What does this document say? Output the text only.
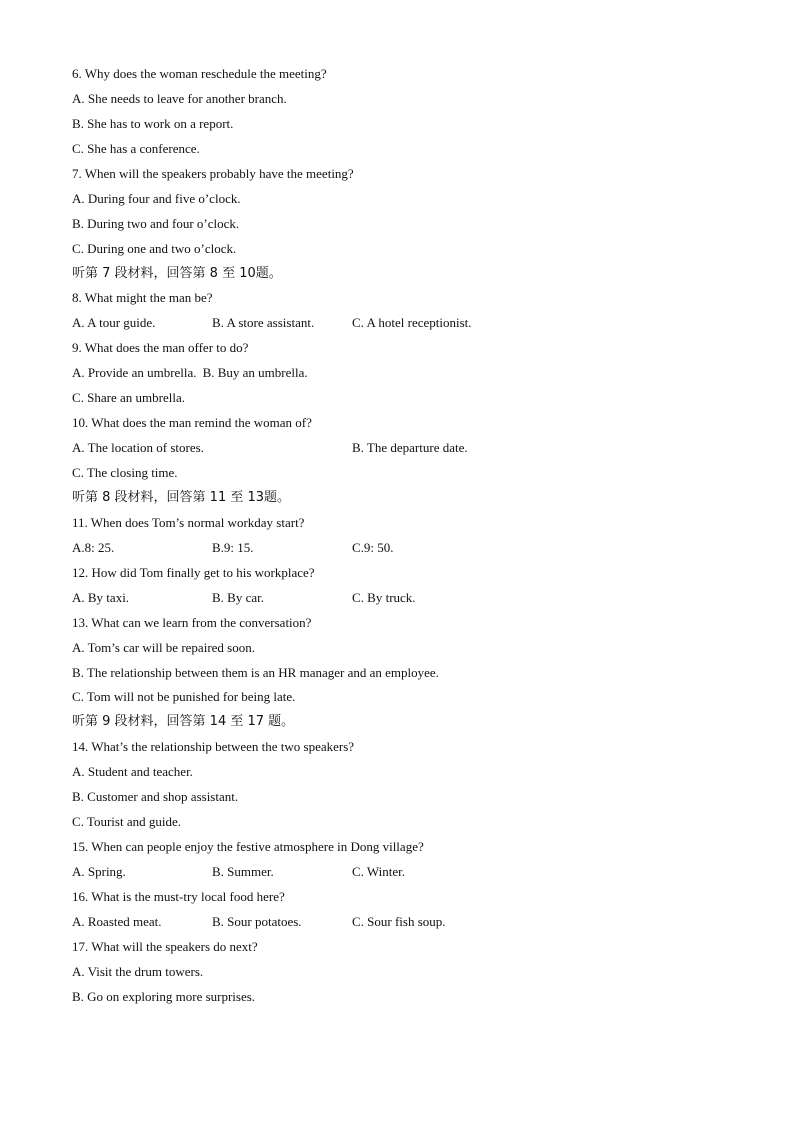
6. Why does the woman reschedule the meeting?
A. She needs to leave for another branch.
B. She has to work on a report.
C. She has a conference.
7. When will the speakers probably have the meeting?
A. During four and five o’clock.
B. During two and four o’clock.
C. During one and two o’clock.
听第 7 段材料，回答第 8 至 10题。
8. What might the man be?
A. A tour guide.	B. A store assistant.	C. A hotel receptionist.
9. What does the man offer to do?
A. Provide an umbrella. B. Buy an umbrella.
C. Share an umbrella.
10. What does the man remind the woman of?
A. The location of stores.	B. The departure date.
C. The closing time.
听第 8 段材料，回答第 11 至 13题。
11. When does Tom’s normal workday start?
A.8: 25.	B.9: 15.	C.9: 50.
12. How did Tom finally get to his workplace?
A. By taxi.	B. By car.	C. By truck.
13. What can we learn from the conversation?
A. Tom’s car will be repaired soon.
B. The relationship between them is an HR manager and an employee.
C. Tom will not be punished for being late.
听第 9 段材料，回答第 14 至 17 题。
14. What’s the relationship between the two speakers?
A. Student and teacher.
B. Customer and shop assistant.
C. Tourist and guide.
15. When can people enjoy the festive atmosphere in Dong village?
A. Spring.	B. Summer.	C. Winter.
16. What is the must-try local food here?
A. Roasted meat.	B. Sour potatoes.	C. Sour fish soup.
17. What will the speakers do next?
A. Visit the drum towers.
B. Go on exploring more surprises.
